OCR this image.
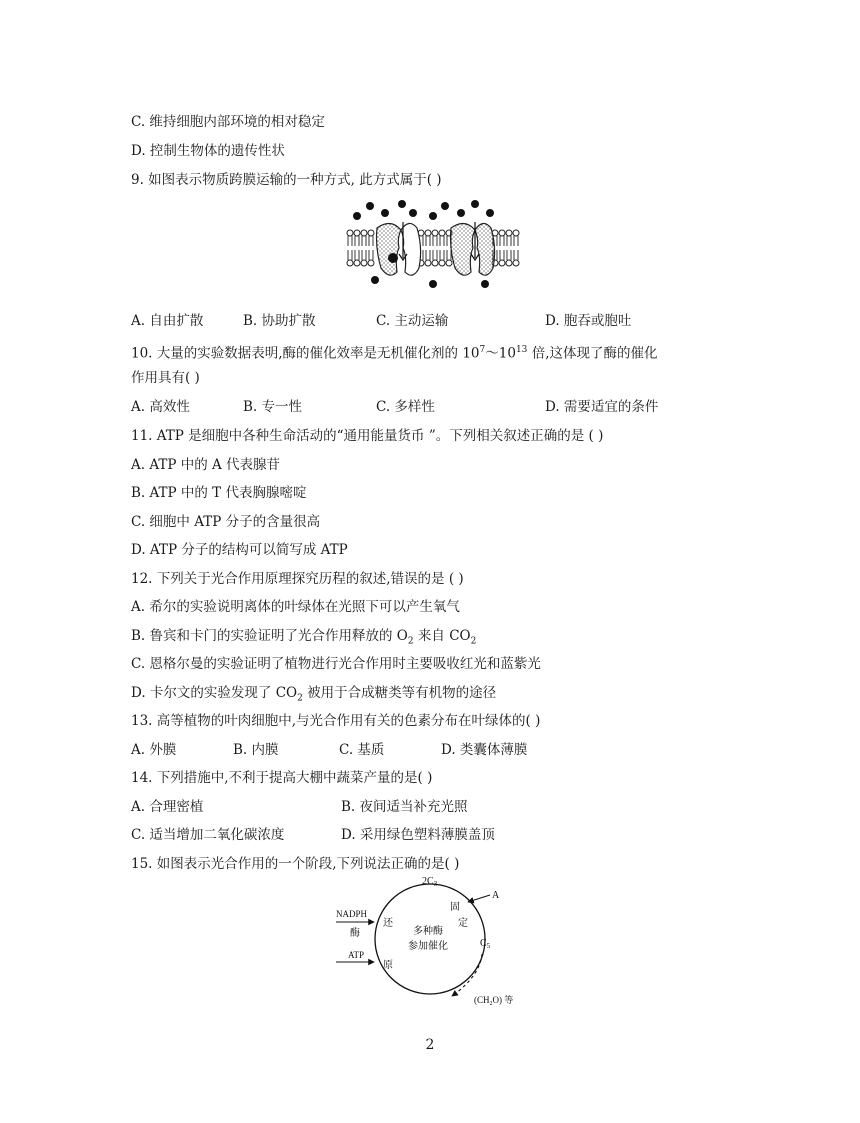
C. 维持细胞内部环境的相对稳定
D. 控制生物体的遗传性状
9. 如图表示物质跨膜运输的一种方式, 此方式属于( )
A. 自由扩散	B. 协助扩散	C. 主动运输	D. 胞吞或胞吐
10. 大量的实验数据表明,酶的催化效率是无机催化剂的 $10^7\sim 10^{13}$ 倍,这体现了酶的催化
作用具有( )
A. 高效性	B. 专一性	C. 多样性	D. 需要适宜的条件
11. ATP 是细胞中各种生命活动的“通用能量货币 ”。下列相关叙述正确的是 ( )
A. ATP 中的 A 代表腺苷
B. ATP 中的 T 代表胸腺嘧啶
C. 细胞中 ATP 分子的含量很高
D. ATP 分子的结构可以简写成 ATP
12. 下列关于光合作用原理探究历程的叙述,错误的是 ( )
A. 希尔的实验说明离体的叶绿体在光照下可以产生氧气
B. 鲁宾和卡门的实验证明了光合作用释放的 $O_2$ 来自 $CO_2$
C. 恩格尔曼的实验证明了植物进行光合作用时主要吸收红光和蓝紫光
D. 卡尔文的实验发现了 $CO_2$ 被用于合成糖类等有机物的途径
13. 高等植物的叶肉细胞中,与光合作用有关的色素分布在叶绿体的( )
A. 外膜	B. 内膜	C. 基质	D. 类囊体薄膜
14. 下列措施中,不利于提高大棚中蔬菜产量的是( )
A. 合理密植	B. 夜间适当补充光照
C. 适当增加二氧化碳浓度	D. 采用绿色塑料薄膜盖顶
15. 如图表示光合作用的一个阶段,下列说法正确的是( )
$2C_3$
A
固
定
$C_5$
NADPH
酶
ATP
还
原
多种酶
参加催化
$(CH_2O)$ 等
2
